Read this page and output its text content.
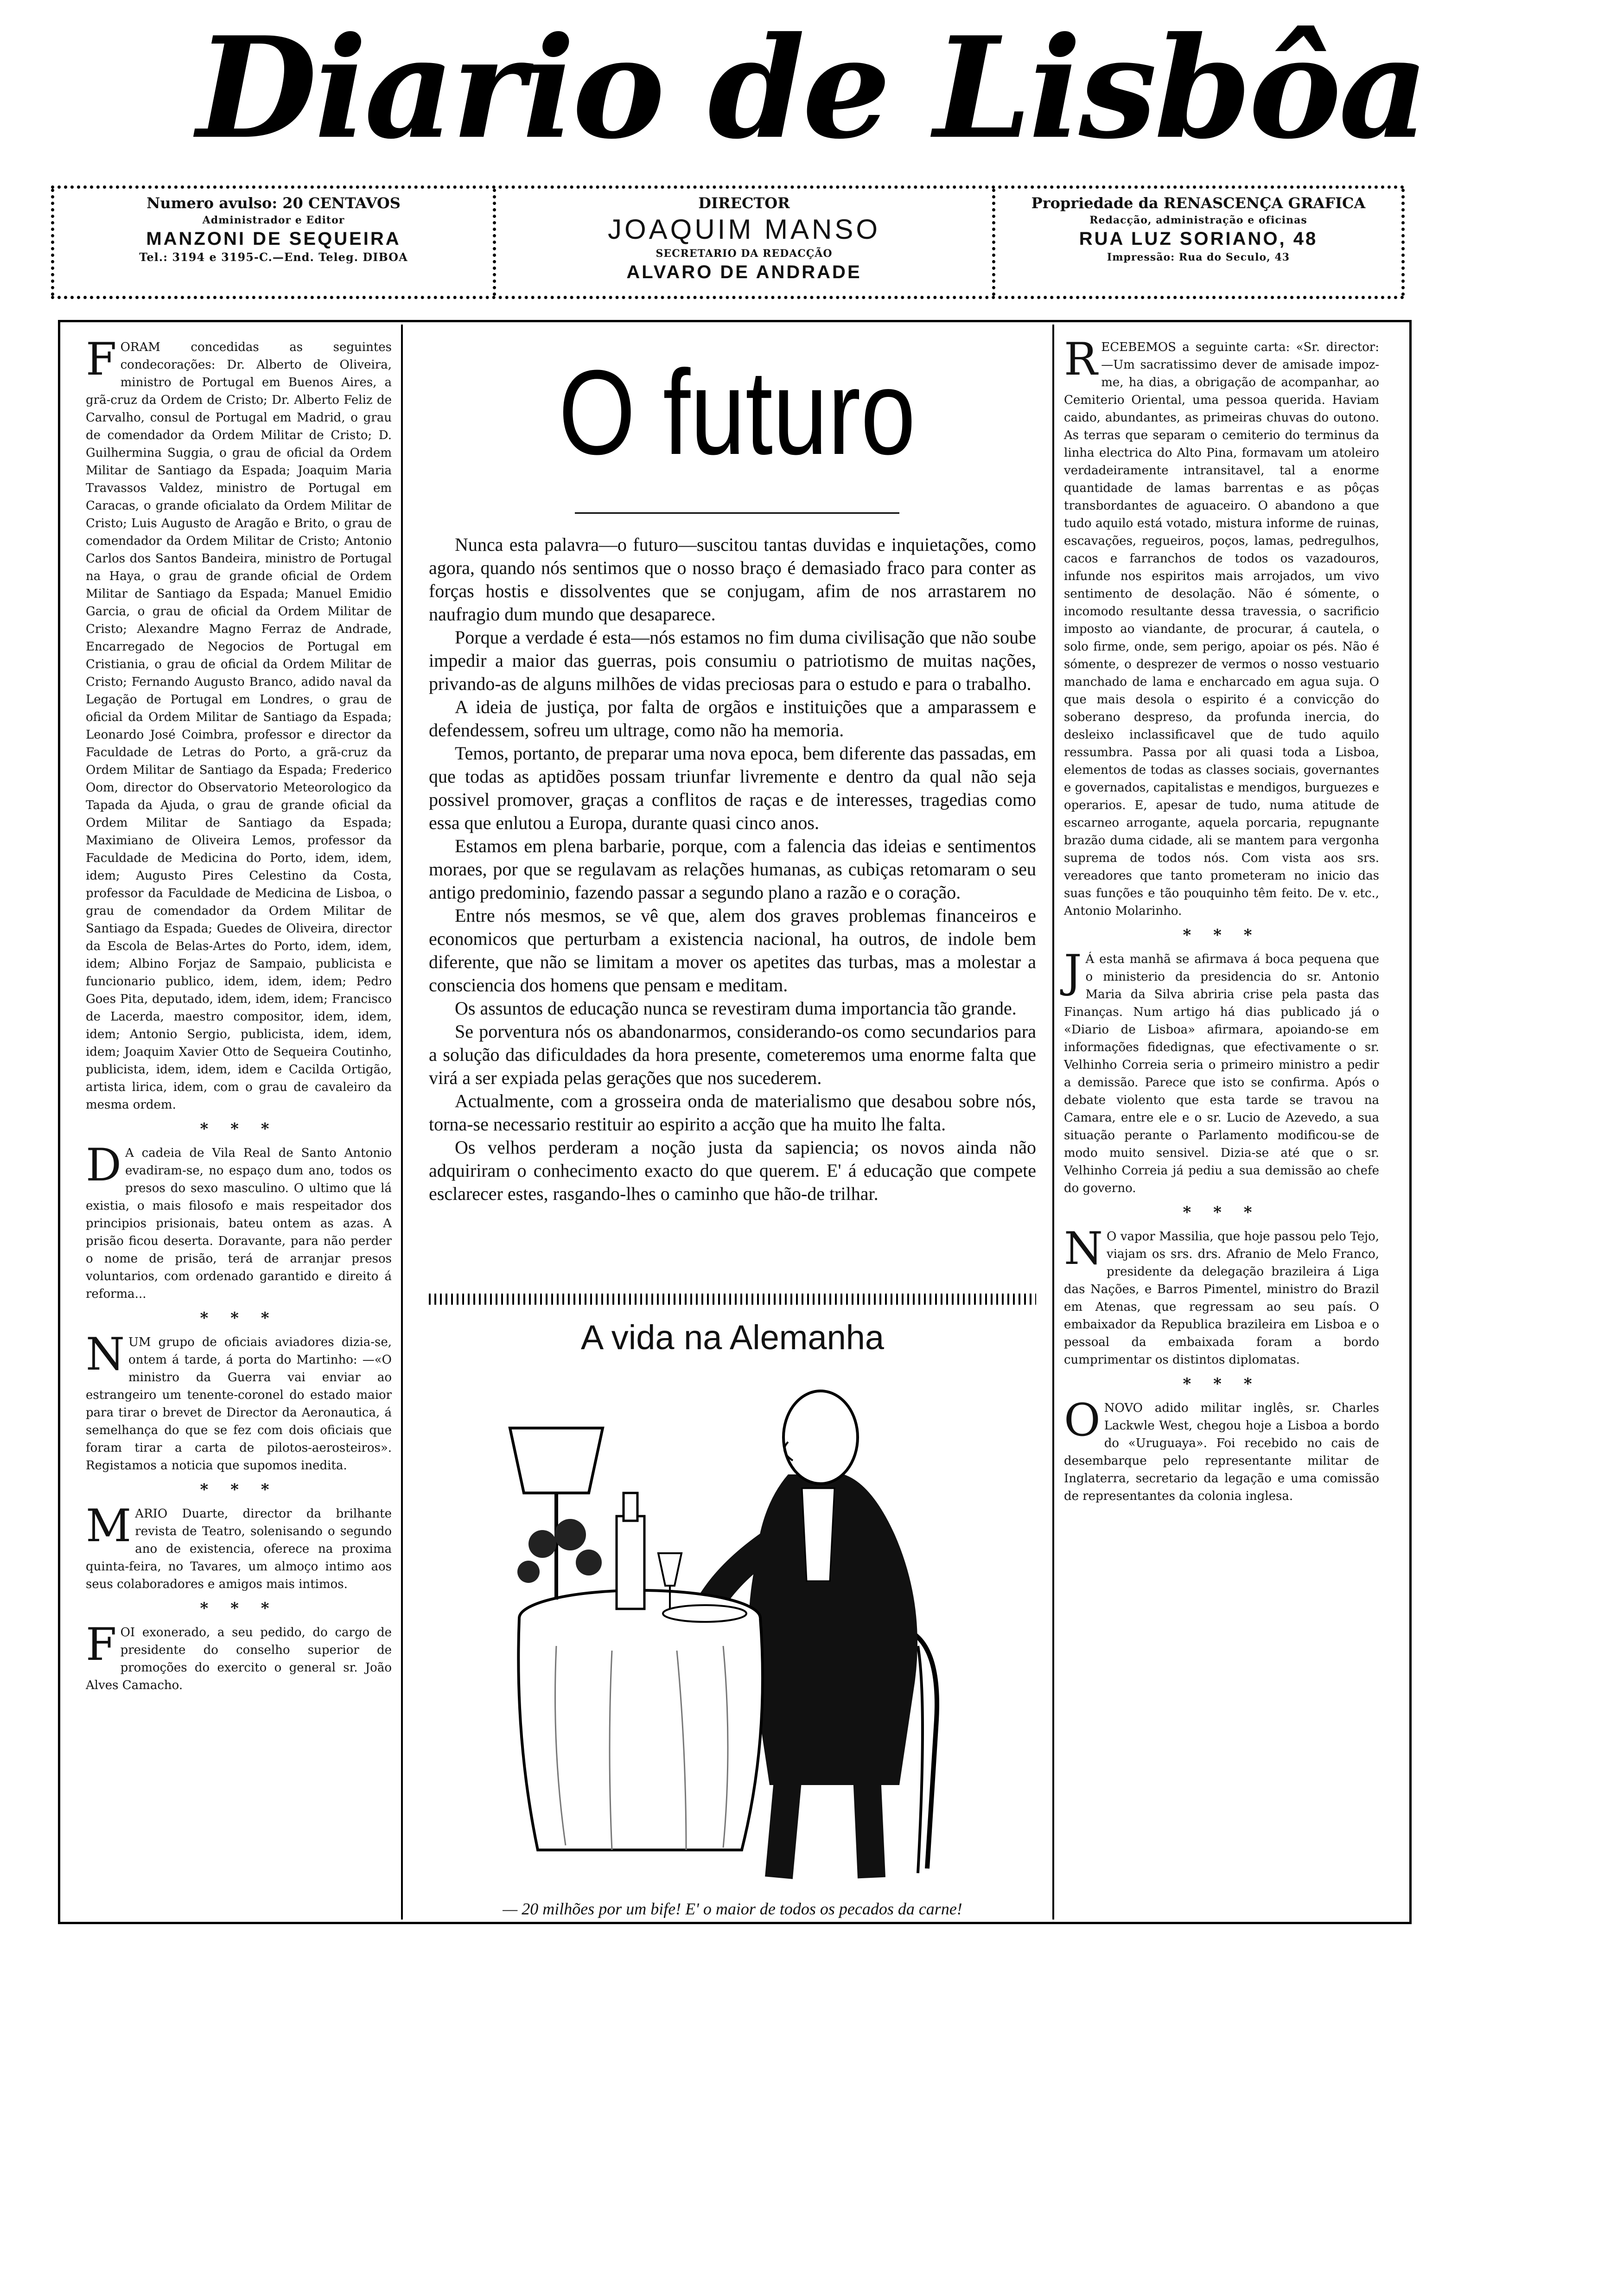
Diario de Lisbôa
Numero avulso: 20 CENTAVOS
Administrador e Editor
MANZONI DE SEQUEIRA
Tel.: 3194 e 3195-C.—End. Teleg. DIBOA
DIRECTOR
JOAQUIM MANSO
SECRETARIO DA REDACÇÃO
ALVARO DE ANDRADE
Propriedade da RENASCENÇA GRAFICA
Redacção, administração e oficinas
RUA LUZ SORIANO, 48
Impressão: Rua do Seculo, 43

FORAM concedidas as seguintes condecorações: Dr. Alberto de Oliveira, ministro de Portugal em Buenos Aires, a grã-cruz da Ordem de Cristo; Dr. Alberto Feliz de Carvalho, consul de Portugal em Madrid, o grau de comendador da Ordem Militar de Cristo; D. Guilhermina Suggia, o grau de oficial da Ordem Militar de Santiago da Espada; Joaquim Maria Travassos Valdez, ministro de Portugal em Caracas, o grande oficialato da Ordem Militar de Cristo; Luis Augusto de Aragão e Brito, o grau de comendador da Ordem Militar de Cristo; Antonio Carlos dos Santos Bandeira, ministro de Portugal na Haya, o grau de grande oficial de Ordem Militar de Santiago da Espada; Manuel Emidio Garcia, o grau de oficial da Ordem Militar de Cristo; Alexandre Magno Ferraz de Andrade, Encarregado de Negocios de Portugal em Cristiania, o grau de oficial da Ordem Militar de Cristo; Fernando Augusto Branco, adido naval da Legação de Portugal em Londres, o grau de oficial da Ordem Militar de Santiago da Espada; Leonardo José Coimbra, professor e director da Faculdade de Letras do Porto, a grã-cruz da Ordem Militar de Santiago da Espada; Frederico Oom, director do Observatorio Meteorologico da Tapada da Ajuda, o grau de grande oficial da Ordem Militar de Santiago da Espada; Maximiano de Oliveira Lemos, professor da Faculdade de Medicina do Porto, idem, idem, idem; Augusto Pires Celestino da Costa, professor da Faculdade de Medicina de Lisboa, o grau de comendador da Ordem Militar de Santiago da Espada; Guedes de Oliveira, director da Escola de Belas-Artes do Porto, idem, idem, idem; Albino Forjaz de Sampaio, publicista e funcionario publico, idem, idem, idem; Pedro Goes Pita, deputado, idem, idem, idem; Francisco de Lacerda, maestro compositor, idem, idem, idem; Antonio Sergio, publicista, idem, idem, idem; Joaquim Xavier Otto de Sequeira Coutinho, publicista, idem, idem, idem e Cacilda Ortigão, artista lirica, idem, com o grau de cavaleiro da mesma ordem.

* * *

D A cadeia de Vila Real de Santo Antonio evadiram-se, no espaço dum ano, todos os presos do sexo masculino. O ultimo que lá existia, o mais filosofo e mais respeitador dos principios prisionais, bateu ontem as azas. A prisão ficou deserta. Doravante, para não perder o nome de prisão, terá de arranjar presos voluntarios, com ordenado garantido e direito á reforma...

* * *

NUM grupo de oficiais aviadores dizia-se, ontem á tarde, á porta do Martinho: —«O ministro da Guerra vai enviar ao estrangeiro um tenente-coronel do estado maior para tirar o brevet de Director da Aeronautica, á semelhança do que se fez com dois oficiais que foram tirar a carta de pilotos-aerosteiros». Registamos a noticia que supomos inedita.

* * *

MARIO Duarte, director da brilhante revista de Teatro, solenisando o segundo ano de existencia, oferece na proxima quinta-feira, no Tavares, um almoço intimo aos seus colaboradores e amigos mais intimos.

* * *

FOI exonerado, a seu pedido, do cargo de presidente do conselho superior de promoções do exercito o general sr. João Alves Camacho.

O futuro

Nunca esta palavra—o futuro—suscitou tantas duvidas e inquietações, como agora, quando nós sentimos que o nosso braço é demasiado fraco para conter as forças hostis e dissolventes que se conjugam, afim de nos arrastarem no naufragio dum mundo que desaparece.

Porque a verdade é esta—nós estamos no fim duma civilisação que não soube impedir a maior das guerras, pois consumiu o patriotismo de muitas nações, privando-as de alguns milhões de vidas preciosas para o estudo e para o trabalho.

A ideia de justiça, por falta de orgãos e instituições que a amparassem e defendessem, sofreu um ultrage, como não ha memoria.

Temos, portanto, de preparar uma nova epoca, bem diferente das passadas, em que todas as aptidões possam triunfar livremente e dentro da qual não seja possivel promover, graças a conflitos de raças e de interesses, tragedias como essa que enlutou a Europa, durante quasi cinco anos.

Estamos em plena barbarie, porque, com a falencia das ideias e sentimentos moraes, por que se regulavam as relações humanas, as cubiças retomaram o seu antigo predominio, fazendo passar a segundo plano a razão e o coração.

Entre nós mesmos, se vê que, alem dos graves problemas financeiros e economicos que perturbam a existencia nacional, ha outros, de indole bem diferente, que não se limitam a mover os apetites das turbas, mas a molestar a consciencia dos homens que pensam e meditam.

Os assuntos de educação nunca se revestiram duma importancia tão grande.

Se porventura nós os abandonarmos, considerando-os como secundarios para a solução das dificuldades da hora presente, cometeremos uma enorme falta que virá a ser expiada pelas gerações que nos sucederem.

Actualmente, com a grosseira onda de materialismo que desabou sobre nós, torna-se necessario restituir ao espirito a acção que ha muito lhe falta.

Os velhos perderam a noção justa da sapiencia; os novos ainda não adquiriram o conhecimento exacto do que querem. E' á educação que compete esclarecer estes, rasgando-lhes o caminho que hão-de trilhar.

A vida na Alemanha
— 20 milhões por um bife! E' o maior de todos os pecados da carne!

RECEBEMOS a seguinte carta: «Sr. director:—Um sacratissimo dever de amisade impoz-me, ha dias, a obrigação de acompanhar, ao Cemiterio Oriental, uma pessoa querida. Haviam caido, abundantes, as primeiras chuvas do outono. As terras que separam o cemiterio do terminus da linha electrica do Alto Pina, formavam um atoleiro verdadeiramente intransitavel, tal a enorme quantidade de lamas barrentas e as pôças transbordantes de aguaceiro. O abandono a que tudo aquilo está votado, mistura informe de ruinas, escavações, regueiros, poços, lamas, pedregulhos, cacos e farranchos de todos os vazadouros, infunde nos espiritos mais arrojados, um vivo sentimento de desolação. Não é sómente, o incomodo resultante dessa travessia, o sacrificio imposto ao viandante, de procurar, á cautela, o solo firme, onde, sem perigo, apoiar os pés. Não é sómente, o desprezer de vermos o nosso vestuario manchado de lama e encharcado em agua suja. O que mais desola o espirito é a convicção do soberano despreso, da profunda inercia, do desleixo inclassificavel que de tudo aquilo ressumbra. Passa por ali quasi toda a Lisboa, elementos de todas as classes sociais, governantes e governados, capitalistas e mendigos, burguezes e operarios. E, apesar de tudo, numa atitude de escarneo arrogante, aquela porcaria, repugnante brazão duma cidade, ali se mantem para vergonha suprema de todos nós. Com vista aos srs. vereadores que tanto prometeram no inicio das suas funções e tão pouquinho têm feito. De v. etc., Antonio Molarinho.

* * *

J Á esta manhã se afirmava á boca pequena que o ministerio da presidencia do sr. Antonio Maria da Silva abriria crise pela pasta das Finanças. Num artigo há dias publicado já o «Diario de Lisboa» afirmara, apoiando-se em informações fidedignas, que efectivamente o sr. Velhinho Correia seria o primeiro ministro a pedir a demissão. Parece que isto se confirma. Após o debate violento que esta tarde se travou na Camara, entre ele e o sr. Lucio de Azevedo, a sua situação perante o Parlamento modificou-se de modo muito sensivel. Dizia-se até que o sr. Velhinho Correia já pediu a sua demissão ao chefe do governo.

* * *

N O vapor Massilia, que hoje passou pelo Tejo, viajam os srs. drs. Afranio de Melo Franco, presidente da delegação brazileira á Liga das Nações, e Barros Pimentel, ministro do Brazil em Atenas, que regressam ao seu país. O embaixador da Republica brazileira em Lisboa e o pessoal da embaixada foram a bordo cumprimentar os distintos diplomatas.

* * *

ONOVO adido militar inglês, sr. Charles Lackwle West, chegou hoje a Lisboa a bordo do «Uruguaya». Foi recebido no cais de desembarque pelo representante militar de Inglaterra, secretario da legação e uma comissão de representantes da colonia inglesa.
